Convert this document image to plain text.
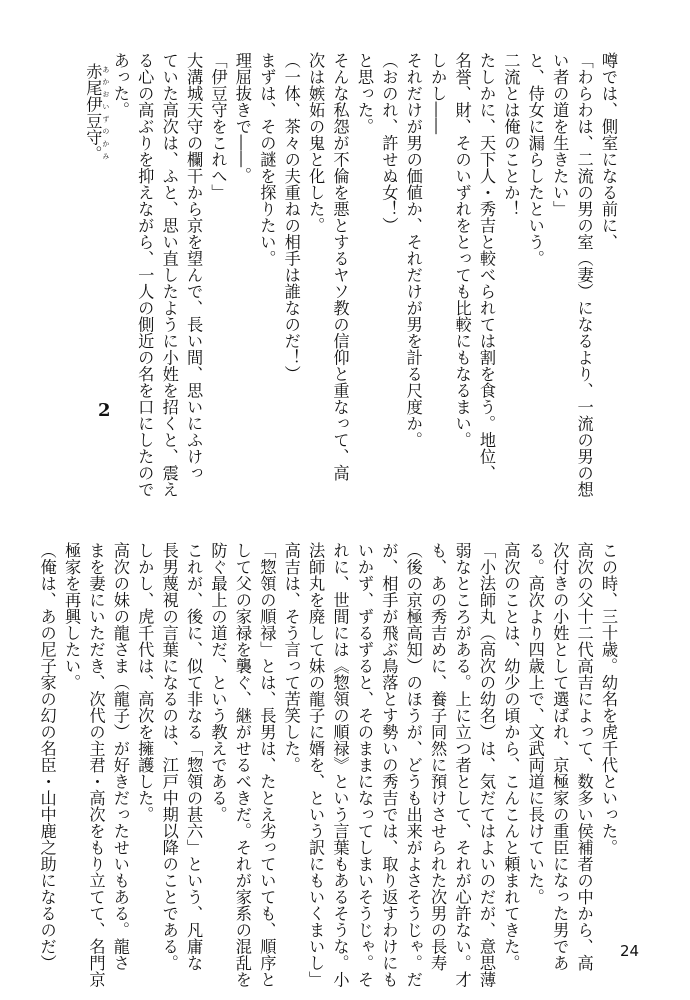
噂では、側室になる前に、
「わらわは、二流の男の室（妻）になるより、一流の男の想
い者の道を生きたい」
と、侍女に漏らしたという。
二流とは俺のことか！
たしかに、天下人・秀吉と較べられては割を食う。地位、
名誉、財、そのいずれをとっても比較にもなるまい。
しかし――
それだけが男の価値か、それだけが男を計る尺度か。
（おのれ、許せぬ女！）
と思った。
そんな私怨が不倫を悪とするヤソ教の信仰と重なって、高
次は嫉妬の鬼と化した。
（一体、茶々の夫重ねの相手は誰なのだ！）
まずは、その謎を探りたい。
理屈抜きで――。
「伊豆守をこれへ」
大溝城天守の欄干から京を望んで、長い間、思いにふけっ
ていた高次は、ふと、思い直したように小姓を招くと、震え
る心の高ぶりを抑えながら、一人の側近の名を口にしたので
あった。
2

赤尾伊豆守。 あかおいずのかみ

この時、三十歳。幼名を虎千代といった。
高次の父十二代高吉によって、数多い侯補者の中から、高
次付きの小姓として選ばれ、京極家の重臣になった男であ
る。高次より四歳上で、文武両道に長けていた。
高次のことは、幼少の頃から、こんこんと頼まれてきた。
「小法師丸（高次の幼名）は、気だてはよいのだが、意思薄
弱なところがある。上に立つ者として、それが心許ない。才
も、あの秀吉めに、養子同然に預けさせられた次男の長寿
（後の京極高知）のほうが、どうも出来がよさそうじゃ。だ
が、相手が飛ぶ鳥落とす勢いの秀吉では、取り返すわけにも
いかず、ずるずると、そのままになってしまいそうじゃ。そ
れに、世間には《惣領の順禄》という言葉もあるそうな。小
法師丸を廃して妹の龍子に婿を、という訳にもいくまいし」
高吉は、そう言って苦笑した。
「惣領の順禄」とは、長男は、たとえ劣っていても、順序と
して父の家禄を襲ぐ、継がせるべきだ。それが家系の混乱を
防ぐ最上の道だ、という教えである。
これが、後に、似て非なる「惣領の甚六」という、凡庸な
長男蔑視の言葉になるのは、江戸中期以降のことである。
しかし、虎千代は、高次を擁護した。
高次の妹の龍さま（龍子）が好きだったせいもある。龍さ
まを妻にいただき、次代の主君・高次をもり立てて、名門京
極家を再興したい。
（俺は、あの尼子家の幻の名臣・山中鹿之助になるのだ）	24
